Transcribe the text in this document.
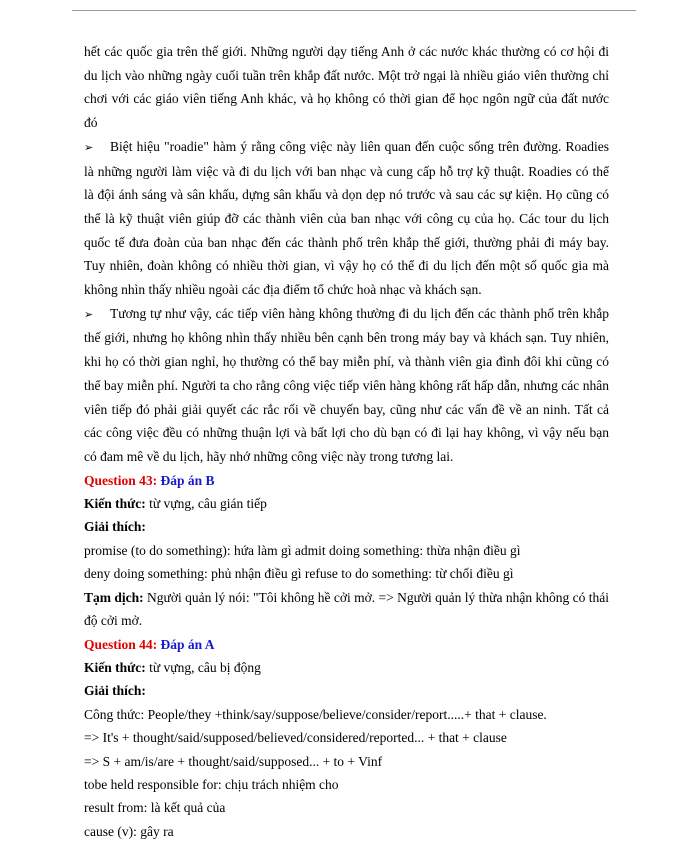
hết các quốc gia trên thế giới. Những người dạy tiếng Anh ở các nước khác thường có cơ hội đi du lịch vào những ngày cuối tuần trên khắp đất nước. Một trở ngại là nhiều giáo viên thường chỉ chơi với các giáo viên tiếng Anh khác, và họ không có thời gian để học ngôn ngữ của đất nước đó

➢ Biệt hiệu "roadie" hàm ý rằng công việc này liên quan đến cuộc sống trên đường. Roadies là những người làm việc và đi du lịch với ban nhạc và cung cấp hỗ trợ kỹ thuật. Roadies có thể là đội ánh sáng và sân khấu, dựng sân khấu và dọn dẹp nó trước và sau các sự kiện. Họ cũng có thể là kỹ thuật viên giúp đỡ các thành viên của ban nhạc với công cụ của họ. Các tour du lịch quốc tế đưa đoàn của ban nhạc đến các thành phố trên khắp thế giới, thường phải đi máy bay. Tuy nhiên, đoàn không có nhiều thời gian, vì vậy họ có thể đi du lịch đến một số quốc gia mà không nhìn thấy nhiều ngoài các địa điểm tổ chức hoà nhạc và khách sạn.

➢ Tương tự như vậy, các tiếp viên hàng không thường đi du lịch đến các thành phố trên khắp thế giới, nhưng họ không nhìn thấy nhiều bên cạnh bên trong máy bay và khách sạn. Tuy nhiên, khi họ có thời gian nghỉ, họ thường có thể bay miễn phí, và thành viên gia đình đôi khi cũng có thể bay miễn phí. Người ta cho rằng công việc tiếp viên hàng không rất hấp dẫn, nhưng các nhân viên tiếp đó phải giải quyết các rắc rối về chuyến bay, cũng như các vấn đề về an ninh. Tất cả các công việc đều có những thuận lợi và bất lợi cho dù bạn có đi lại hay không, vì vậy nếu bạn có đam mê về du lịch, hãy nhớ những công việc này trong tương lai.

Question 43: Đáp án B

Kiến thức: từ vựng, câu gián tiếp

Giải thích:

promise (to do something): hứa làm gì admit doing something: thừa nhận điều gì

deny doing something: phủ nhận điều gì refuse to do something: từ chối điều gì

Tạm dịch: Người quản lý nói: "Tôi không hề cởi mở. => Người quản lý thừa nhận không có thái độ cởi mở.

Question 44: Đáp án A

Kiến thức: từ vựng, câu bị động

Giải thích:

Công thức: People/they +think/say/suppose/believe/consider/report.....+ that + clause.

=> It's + thought/said/supposed/believed/considered/reported... + that + clause

=> S + am/is/are + thought/said/supposed... + to + Vinf

tobe held responsible for: chịu trách nhiệm cho

result from: là kết quả của

cause (v): gây ra
